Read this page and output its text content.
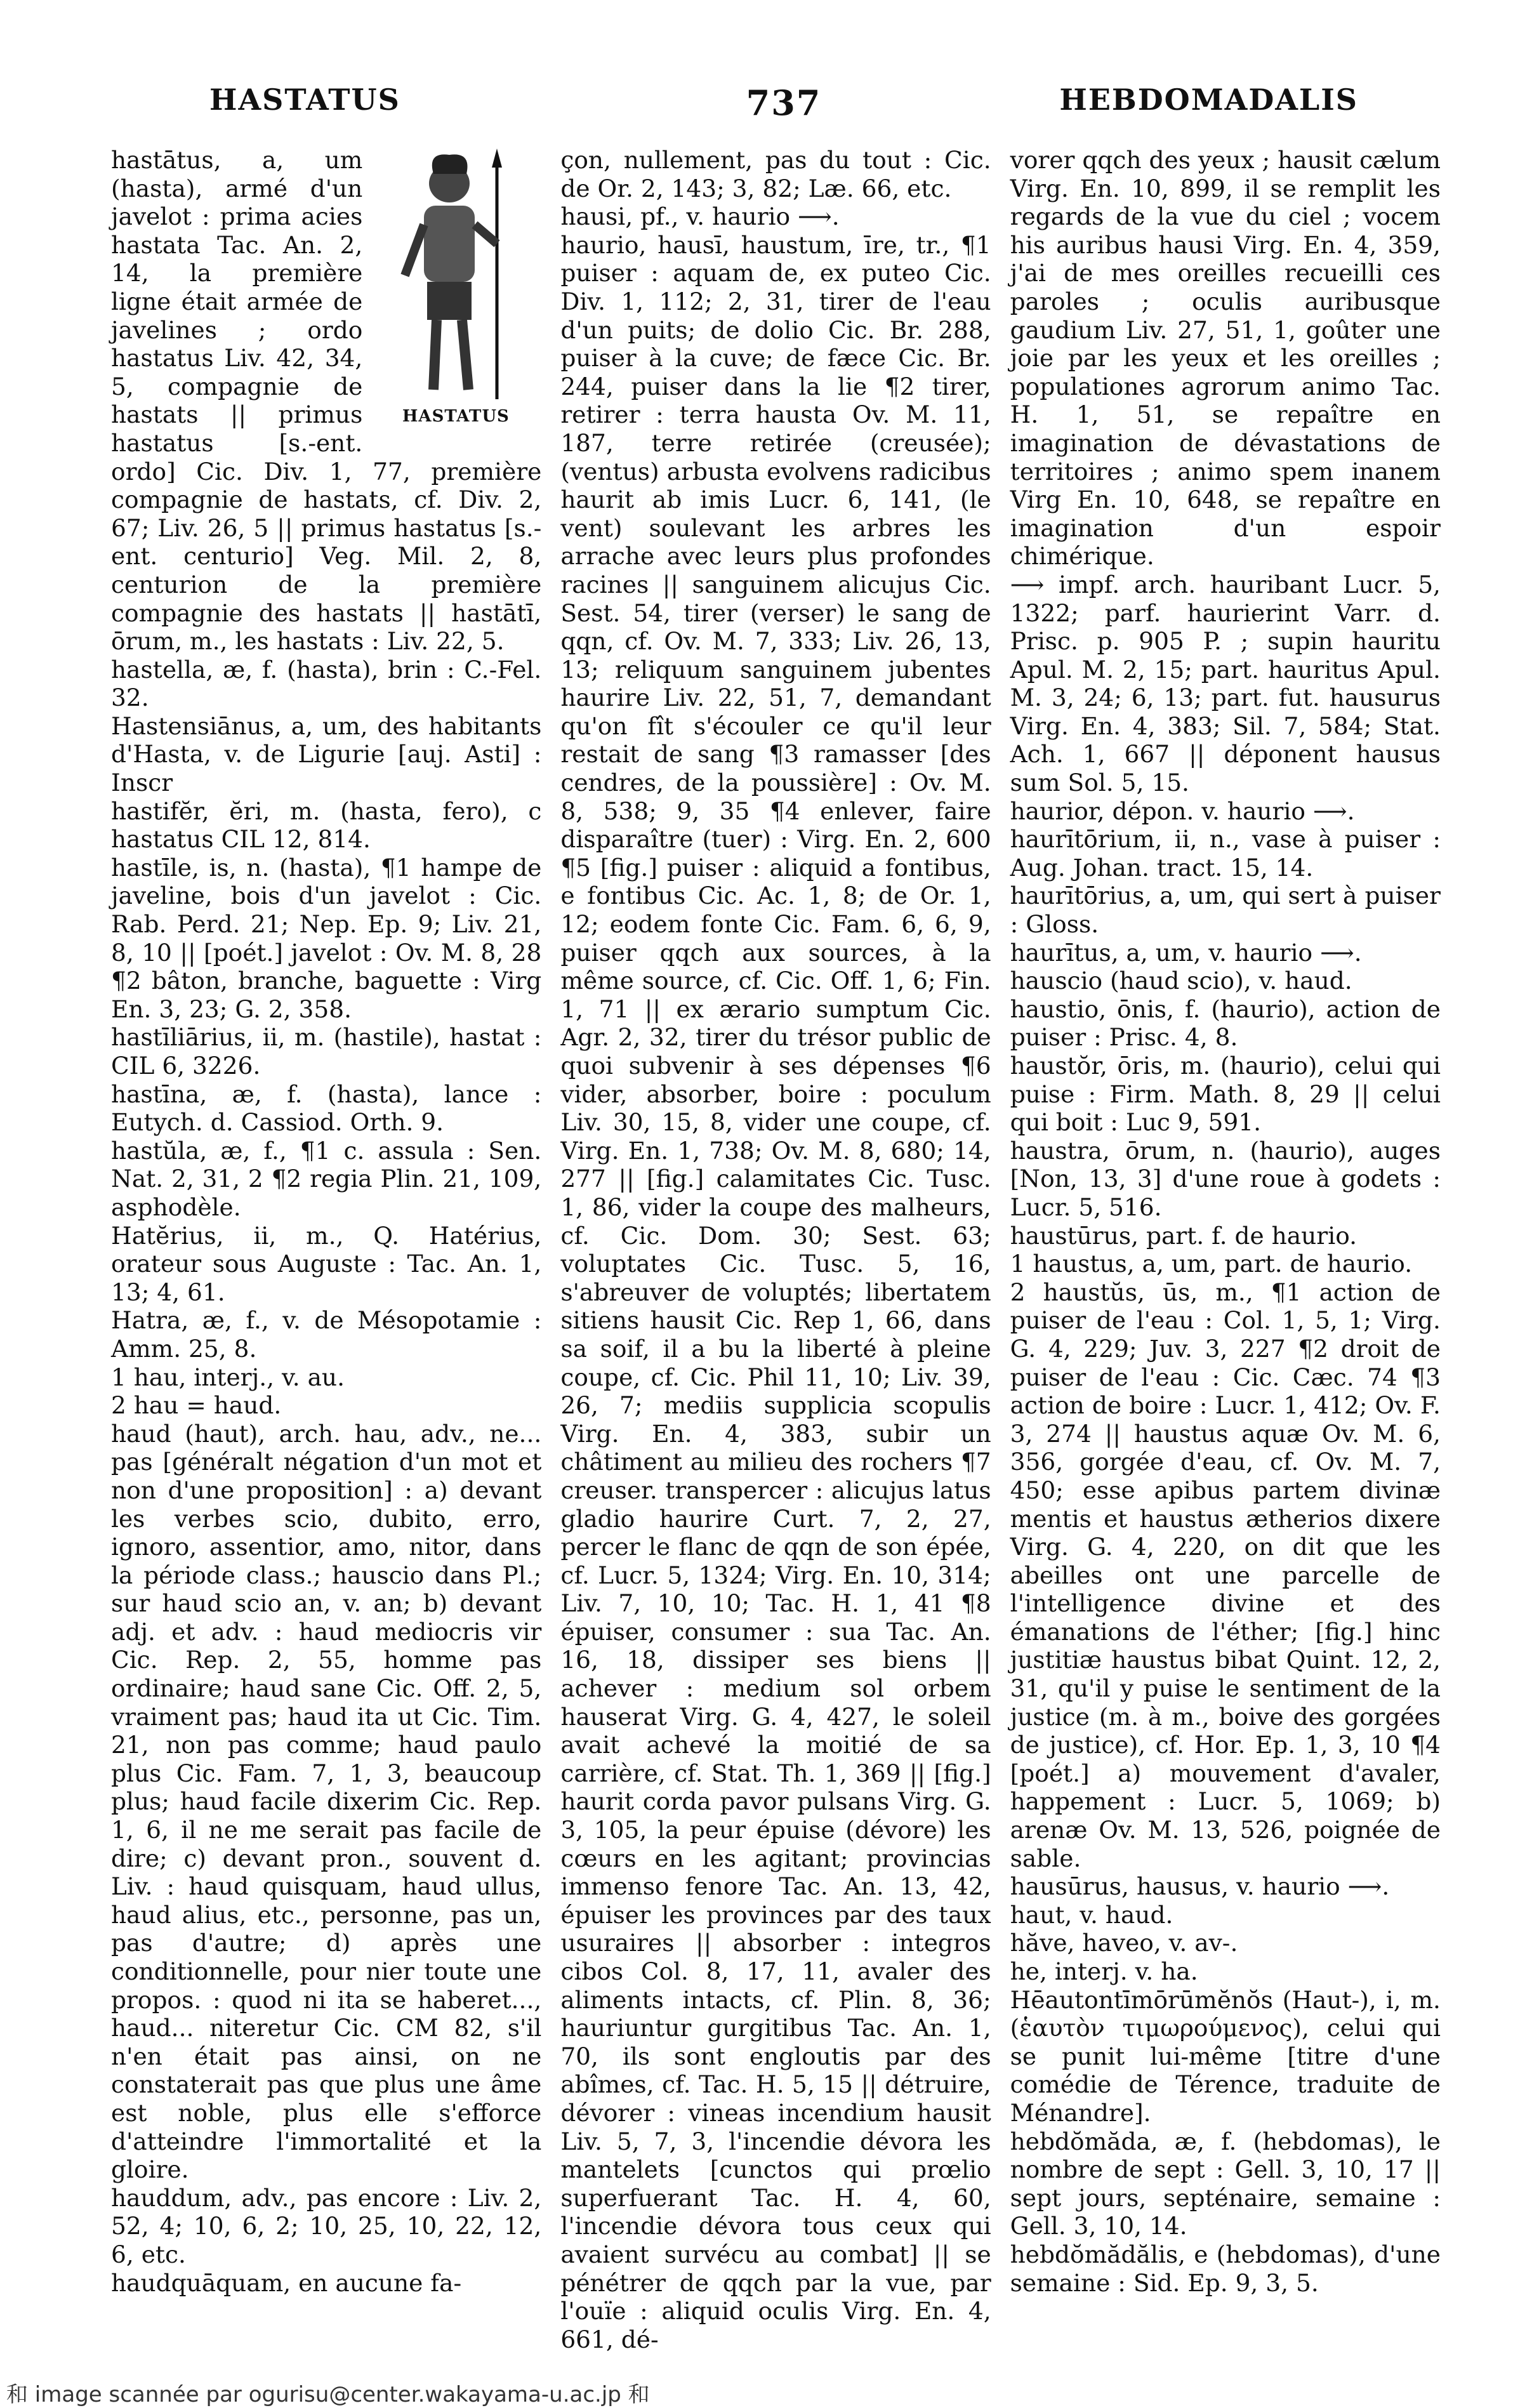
HASTATUS	737	HEBDOMADALIS
HASTATUS

hastātus, a, um (hasta), armé d'un javelot : prima acies hastata Tac. An. 2, 14, la première ligne était armée de javelines ; ordo hastatus Liv. 42, 34, 5, compagnie de hastats || primus hastatus [s.-ent. ordo] Cic. Div. 1, 77, première compagnie de hastats, cf. Div. 2, 67; Liv. 26, 5 || primus hastatus [s.-ent. centurio] Veg. Mil. 2, 8, centurion de la première compagnie des hastats || hastātī, ōrum, m., les hastats : Liv. 22, 5.

hastella, æ, f. (hasta), brin : C.-Fel. 32.

Hastensiānus, a, um, des habitants d'Hasta, v. de Ligurie [auj. Asti] : Inscr

hastifĕr, ĕri, m. (hasta, fero), c hastatus CIL 12, 814.

hastīle, is, n. (hasta), ¶1 hampe de javeline, bois d'un javelot : Cic. Rab. Perd. 21; Nep. Ep. 9; Liv. 21, 8, 10 || [poét.] javelot : Ov. M. 8, 28 ¶2 bâton, branche, baguette : Virg En. 3, 23; G. 2, 358.

hastīliārius, ii, m. (hastile), hastat : CIL 6, 3226.

hastīna, æ, f. (hasta), lance : Eutych. d. Cassiod. Orth. 9.

hastŭla, æ, f., ¶1 c. assula : Sen. Nat. 2, 31, 2 ¶2 regia Plin. 21, 109, asphodèle.

Hatĕrius, ii, m., Q. Hatérius, orateur sous Auguste : Tac. An. 1, 13; 4, 61.

Hatra, æ, f., v. de Mésopotamie : Amm. 25, 8.

1 hau, interj., v. au.

2 hau = haud.

haud (haut), arch. hau, adv., ne... pas [généralt négation d'un mot et non d'une proposition] : a) devant les verbes scio, dubito, erro, ignoro, assentior, amo, nitor, dans la période class.; hauscio dans Pl.; sur haud scio an, v. an; b) devant adj. et adv. : haud mediocris vir Cic. Rep. 2, 55, homme pas ordinaire; haud sane Cic. Off. 2, 5, vraiment pas; haud ita ut Cic. Tim. 21, non pas comme; haud paulo plus Cic. Fam. 7, 1, 3, beaucoup plus; haud facile dixerim Cic. Rep. 1, 6, il ne me serait pas facile de dire; c) devant pron., souvent d. Liv. : haud quisquam, haud ullus, haud alius, etc., personne, pas un, pas d'autre; d) après une conditionnelle, pour nier toute une propos. : quod ni ita se haberet..., haud... niteretur Cic. CM 82, s'il n'en était pas ainsi, on ne constaterait pas que plus une âme est noble, plus elle s'efforce d'atteindre l'immortalité et la gloire.

hauddum, adv., pas encore : Liv. 2, 52, 4; 10, 6, 2; 10, 25, 10, 22, 12, 6, etc.

haudquāquam, en aucune fa-

çon, nullement, pas du tout : Cic. de Or. 2, 143; 3, 82; Læ. 66, etc.

hausi, pf., v. haurio ⟶.

haurio, hausī, haustum, īre, tr., ¶1 puiser : aquam de, ex puteo Cic. Div. 1, 112; 2, 31, tirer de l'eau d'un puits; de dolio Cic. Br. 288, puiser à la cuve; de fæce Cic. Br. 244, puiser dans la lie ¶2 tirer, retirer : terra hausta Ov. M. 11, 187, terre retirée (creusée); (ventus) arbusta evolvens radicibus haurit ab imis Lucr. 6, 141, (le vent) soulevant les arbres les arrache avec leurs plus profondes racines || sanguinem alicujus Cic. Sest. 54, tirer (verser) le sang de qqn, cf. Ov. M. 7, 333; Liv. 26, 13, 13; reliquum sanguinem jubentes haurire Liv. 22, 51, 7, demandant qu'on fît s'écouler ce qu'il leur restait de sang ¶3 ramasser [des cendres, de la poussière] : Ov. M. 8, 538; 9, 35 ¶4 enlever, faire disparaître (tuer) : Virg. En. 2, 600 ¶5 [fig.] puiser : aliquid a fontibus, e fontibus Cic. Ac. 1, 8; de Or. 1, 12; eodem fonte Cic. Fam. 6, 6, 9, puiser qqch aux sources, à la même source, cf. Cic. Off. 1, 6; Fin. 1, 71 || ex ærario sumptum Cic. Agr. 2, 32, tirer du trésor public de quoi subvenir à ses dépenses ¶6 vider, absorber, boire : poculum Liv. 30, 15, 8, vider une coupe, cf. Virg. En. 1, 738; Ov. M. 8, 680; 14, 277 || [fig.] calamitates Cic. Tusc. 1, 86, vider la coupe des malheurs, cf. Cic. Dom. 30; Sest. 63; voluptates Cic. Tusc. 5, 16, s'abreuver de voluptés; libertatem sitiens hausit Cic. Rep 1, 66, dans sa soif, il a bu la liberté à pleine coupe, cf. Cic. Phil 11, 10; Liv. 39, 26, 7; mediis supplicia scopulis Virg. En. 4, 383, subir un châtiment au milieu des rochers ¶7 creuser. transpercer : alicujus latus gladio haurire Curt. 7, 2, 27, percer le flanc de qqn de son épée, cf. Lucr. 5, 1324; Virg. En. 10, 314; Liv. 7, 10, 10; Tac. H. 1, 41 ¶8 épuiser, consumer : sua Tac. An. 16, 18, dissiper ses biens || achever : medium sol orbem hauserat Virg. G. 4, 427, le soleil avait achevé la moitié de sa carrière, cf. Stat. Th. 1, 369 || [fig.] haurit corda pavor pulsans Virg. G. 3, 105, la peur épuise (dévore) les cœurs en les agitant; provincias immenso fenore Tac. An. 13, 42, épuiser les provinces par des taux usuraires || absorber : integros cibos Col. 8, 17, 11, avaler des aliments intacts, cf. Plin. 8, 36; hauriuntur gurgitibus Tac. An. 1, 70, ils sont engloutis par des abîmes, cf. Tac. H. 5, 15 || détruire, dévorer : vineas incendium hausit Liv. 5, 7, 3, l'incendie dévora les mantelets [cunctos qui prœlio superfuerant Tac. H. 4, 60, l'incendie dévora tous ceux qui avaient survécu au combat] || se pénétrer de qqch par la vue, par l'ouïe : aliquid oculis Virg. En. 4, 661, dé-

vorer qqch des yeux ; hausit cælum Virg. En. 10, 899, il se remplit les regards de la vue du ciel ; vocem his auribus hausi Virg. En. 4, 359, j'ai de mes oreilles recueilli ces paroles ; oculis auribusque gaudium Liv. 27, 51, 1, goûter une joie par les yeux et les oreilles ; populationes agrorum animo Tac. H. 1, 51, se repaître en imagination de dévastations de territoires ; animo spem inanem Virg En. 10, 648, se repaître en imagination d'un espoir chimérique.

⟶ impf. arch. hauribant Lucr. 5, 1322; parf. haurierint Varr. d. Prisc. p. 905 P. ; supin hauritu Apul. M. 2, 15; part. hauritus Apul. M. 3, 24; 6, 13; part. fut. hausurus Virg. En. 4, 383; Sil. 7, 584; Stat. Ach. 1, 667 || déponent hausus sum Sol. 5, 15.

haurior, dépon. v. haurio ⟶.

haurītōrium, ii, n., vase à puiser : Aug. Johan. tract. 15, 14.

haurītōrius, a, um, qui sert à puiser : Gloss.

haurītus, a, um, v. haurio ⟶.

hauscio (haud scio), v. haud.

haustio, ōnis, f. (haurio), action de puiser : Prisc. 4, 8.

haustŏr, ōris, m. (haurio), celui qui puise : Firm. Math. 8, 29 || celui qui boit : Luc 9, 591.

haustra, ōrum, n. (haurio), auges [Non, 13, 3] d'une roue à godets : Lucr. 5, 516.

haustūrus, part. f. de haurio.

1 haustus, a, um, part. de haurio.

2 haustŭs, ūs, m., ¶1 action de puiser de l'eau : Col. 1, 5, 1; Virg. G. 4, 229; Juv. 3, 227 ¶2 droit de puiser de l'eau : Cic. Cæc. 74 ¶3 action de boire : Lucr. 1, 412; Ov. F. 3, 274 || haustus aquæ Ov. M. 6, 356, gorgée d'eau, cf. Ov. M. 7, 450; esse apibus partem divinæ mentis et haustus ætherios dixere Virg. G. 4, 220, on dit que les abeilles ont une parcelle de l'intelligence divine et des émanations de l'éther; [fig.] hinc justitiæ haustus bibat Quint. 12, 2, 31, qu'il y puise le sentiment de la justice (m. à m., boive des gorgées de justice), cf. Hor. Ep. 1, 3, 10 ¶4 [poét.] a) mouvement d'avaler, happement : Lucr. 5, 1069; b) arenæ Ov. M. 13, 526, poignée de sable.

hausūrus, hausus, v. haurio ⟶.

haut, v. haud.

hăve, haveo, v. av-.

he, interj. v. ha.

Hēautontīmōrūmĕnŏs (Haut-), i, m. (ἑαυτὸν τιμωρούμενος), celui qui se punit lui-même [titre d'une comédie de Térence, traduite de Ménandre].

hebdŏmăda, æ, f. (hebdomas), le nombre de sept : Gell. 3, 10, 17 || sept jours, septénaire, semaine : Gell. 3, 10, 14.

hebdŏmădălis, e (hebdomas), d'une semaine : Sid. Ep. 9, 3, 5.

和 image scannée par ogurisu@center.wakayama-u.ac.jp 和
